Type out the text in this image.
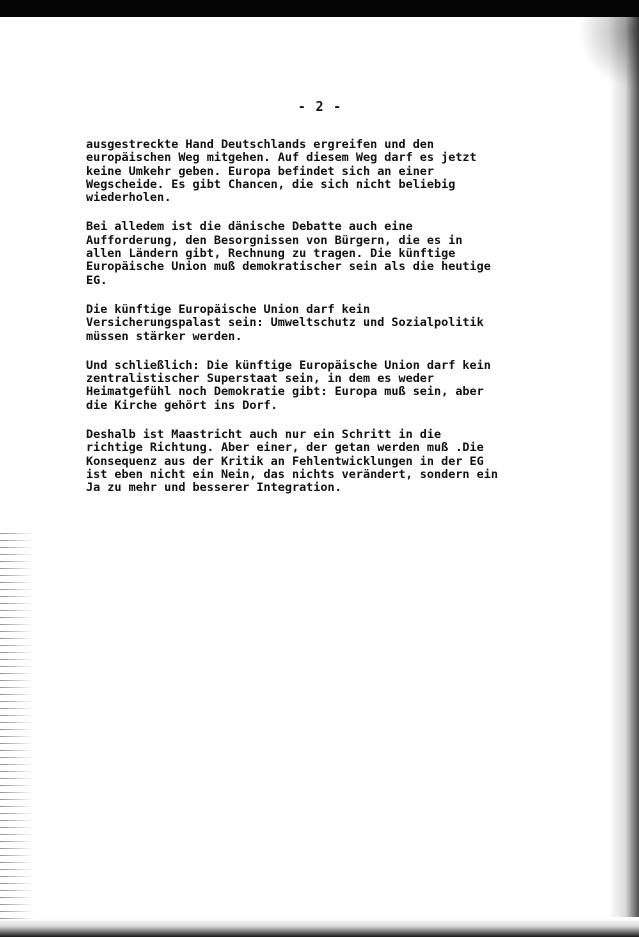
- 2 -

ausgestreckte Hand Deutschlands ergreifen und den
europäischen Weg mitgehen. Auf diesem Weg darf es jetzt
keine Umkehr geben. Europa befindet sich an einer
Wegscheide. Es gibt Chancen, die sich nicht beliebig
wiederholen.

Bei alledem ist die dänische Debatte auch eine
Aufforderung, den Besorgnissen von Bürgern, die es in
allen Ländern gibt, Rechnung zu tragen. Die künftige
Europäische Union muß demokratischer sein als die heutige
EG.

Die künftige Europäische Union darf kein
Versicherungspalast sein: Umweltschutz und Sozialpolitik
müssen stärker werden.

Und schließlich: Die künftige Europäische Union darf kein
zentralistischer Superstaat sein, in dem es weder
Heimatgefühl noch Demokratie gibt: Europa muß sein, aber
die Kirche gehört ins Dorf.

Deshalb ist Maastricht auch nur ein Schritt in die
richtige Richtung. Aber einer, der getan werden muß .Die
Konsequenz aus der Kritik an Fehlentwicklungen in der EG
ist eben nicht ein Nein, das nichts verändert, sondern ein
Ja zu mehr und besserer Integration.
